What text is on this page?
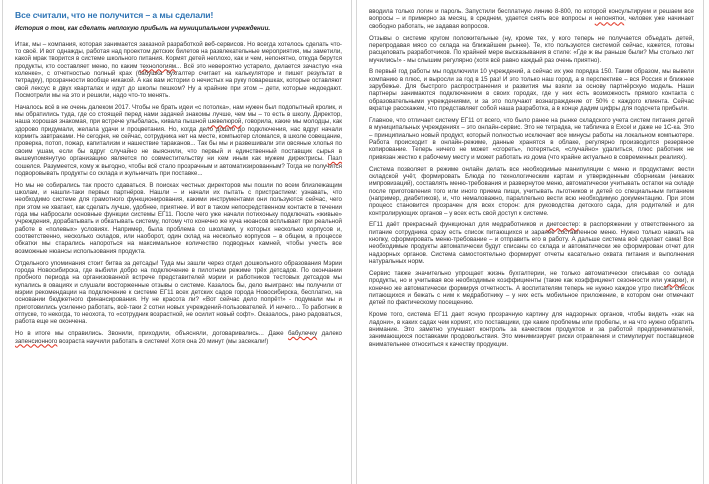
Все считали, что не получится – а мы сделали!

История о том, как сделать неплохую прибыль на муниципальном учреждении.

Итак, мы – компания, которая занимается заказной разработкой веб-сервисов. Но всегда хотелось сделать что-то своё. И вот однажды, работая над проектом детских билетов на развлекательные мероприятия, мы заметили, какой мрак творится в системе школьного питания. Кормят детей неплохо, как и чем, непонятно, откуда берутся продукты, кто составляет меню, по каким технологиям... Всё это невероятно устарело, делается зачастую «на коленке», с отчетностью полный крах (бабушка бухгалтер считает на калькуляторе и пишет результат в тетрадку), прозрачности вообще никакой. А как вам истории о нечистых на руку поварешках, которые оставляют свой лексус в двух кварталах и идут до школы пешком? Ну а крайние при этом – дети, которые недоедают. Посмотрели мы на это и решили, надо что-то менять.

Началось всё в не очень далеком 2017. Чтобы не брать идеи «с потолка», нам нужен был подопытный кролик, и мы обратились туда, где со стоящей перед нами задачей знакомы лучше, чем мы – то есть в школу. Директор, наша хорошая знакомая, при встрече улыбалась, кивала пышной шевелюрой, говорила, какие мы молодцы, как здорово придумали, желала удачи и процветания. Но, когда дело дошло до подключения, нас вдруг начали кормить завтраками. Не сегодня, не сейчас, сотрудника нет на месте, компьютер сломался, в школе совещание, проверка, потоп, пожар, капитализм и нашествие тараканов... Так бы мы и развешивали эти овсяные хлопья по своим ушам, если бы вдруг случайно не выяснили, что первый и единственный поставщик сырья в вышеупомянутую организацию является по совместительству ни кем иным как мужем директрисы. Пазл сошелся. Разумеется, кому ж выгодно, чтобы всё стало прозрачным и автоматизированным? Тогда не получится подворовывать продукты со склада и жульничать при поставке...

Но мы не собирались так просто сдаваться. В поисках честных директоров мы пошли по всем близлежащим школам, и нашли-таки первых партнёров. Нашли – и начали их пытать с пристрастием: узнавать, что необходимо системе для грамотного функционирования, какими инструментами они пользуются сейчас, чего при этом не хватает, как сделать лучше, удобнее, приятнее. И вот в таком непосредственном контакте в течении года мы набросали основные функции системы ЕГ11. После чего уже начали потихоньку подключать «живые» учреждения, дорабатывать и обкатывать систему, потому что конечно же куча нюансов всплывает при реальной работе в «полевых» условиях. Например, была проблема со школами, у которых несколько корпусов и, соответственно, несколько складов, или наоборот, один склад на несколько корпусов – в общем, в процессе обкатки мы старались напороться на максимальное количество подводных камней, чтобы учесть все возможные нюансы использования продукта.

Отдельного упоминания стоит битва за детсады! Туда мы зашли через отдел дошкольного образования Мэрии города Новосибирска, где выбили добро на подключение в пилотном режиме трёх детсадов. По окончании пробного периода на организованной встрече представителей мэрии и работников тестовых детсадов мы купались в овациях и слушали восторженные отзывы о системе. Казалось бы, дело выиграно: мы получили от мэрии рекомендации на подключение к системе ЕГ11 всех детских садов города Новосибирска, бесплатно, на основании бюджетного финансирования. Ну не красота ли? «Вот сейчас дело попрёт!» - подумали мы и приготовились усиленно работать, всё-таки 2 сотни новых учреждений-пользователей. И ничего... То работник в отпуске, то некогда, то неохота, то «сотрудник возрастной, не осилит новый софт». Оказалось, рано радоваться, работа еще не окончена.

Но в итоге мы справились. Звонили, приходили, объясняли, договаривались... Даже бабулечку далеко запенсионного возраста научили работать в системе! Хотя она 20 минут (мы засекали!)

вводила только логин и пароль. Запустили бесплатную линию 8-800, по которой консультируем и решаем все вопросы – и примерно за месяц, в среднем, удается снять все вопросы и непонятки, человек уже начинает свободно работать, не задавая вопросов.

Отзывы о системе кругом положительные (ну, кроме тех, у кого теперь не получается объедать детей, перепродавая мясо со склада на ближайшем рынке). Те, кто пользуются системой сейчас, кажется, готовы расцеловать разработчиков. По крайней мере высказывания в стиле: «Где ж вы раньше были? Мы столько лет мучились!» - мы слышим регулярно (хотя всё равно каждый раз очень приятно).

В первый год работы мы подключили 10 учреждений, а сейчас их уже порядка 150. Таким образом, мы вывели компанию в плюс, и выросли за год в 15 раз! И это только наш город, а в перспективе – вся Россия и ближнее зарубежье. Для быстрого распространения и развития мы взяли за основу партнёрскую модель. Наши партнеры занимаются подключением в своих городах, где у них есть возможность прямого контакта с образовательными учреждениями, и за это получают вознаграждение от 50% с каждого клиента. Сейчас вкратце расскажем, что представляет собой наша разработка, а в конце дадим цифры для подсчета прибыли.

Главное, что отличает систему ЕГ11 от всего, что было ранее на рынке складского учета систем питания детей в муниципальных учреждениях – это онлайн-сервис. Это не тетрадка, не табличка в Excel и даже не 1С-ка. Это – принципиально новый продукт, который полностью исключает все минусы работы на локальном компьютере. Работа происходит в онлайн-режиме, данные хранятся в облаке, регулярно производится резервное копирование. Теперь ничего не может «сгореть», потеряться, «случайно» удалиться, плюс работник не привязан жестко к рабочему месту и может работать из дома (что крайне актуально в современных реалиях).

Система позволяет в режиме онлайн делать все необходимые манипуляции с меню и продуктами: вести складской учёт, формировать Блюда по технологическим картам и утвержденным сборникам (никаких импровизаций), составлять меню-требования и развернутое меню, автоматически учитывать остатки на складе после приготовления того или иного приема пищи, учитывать льготников и детей со специальным питанием (например, диабетиков), и, что немаловажно, параллельно вести всю необходимую документацию. При этом процесс становится прозрачен для всех сторон: для руководства детского сада, для родителей и для контролирующих органов – у всех есть свой доступ к системе.

ЕГ11 даёт прекрасный функционал для медработников и диетсестер: в распоряжении у ответственного за питание сотрудника сразу есть список питающихся и заранее составленное меню. Нужно только нажать на кнопку, сформировать меню-требование – и отправить его в работу. А дальше система всё сделает сама! Все необходимые продукты автоматически будут списаны со склада и автоматически же сформирован отчет для надзорных органов. Система самостоятельно формирует отчеты касательно охвата питания и выполнения натуральных норм.

Сервис также значительно упрощает жизнь бухгалтерии, не только автоматически списывая со склада продукты, но и учитывая все необходимые коэффициенты (такие как коэффициент сезонности или ужарки), и конечно же автоматически формируя отчетность. А воспитателям теперь не нужно каждое утро писать список питающихся и бежать с ним к медработнику – у них есть мобильное приложение, в котором они отмечают детей по фактическому посещению.

Кроме того, система ЕГ11 дает ясную прозрачную картину для надзорных органов, чтобы видеть «как на ладони», в каких садах чем кормят, кто поставщики, где какие проблемы или пробелы, и на что нужно обратить внимание. Это заметно улучшает контроль за качеством продуктов и за работой предпринимателей, занимающихся поставками продовольствия. Это минимизирует риски отравления и стимулирует поставщиков внимательнее относиться к качеству продукции.
